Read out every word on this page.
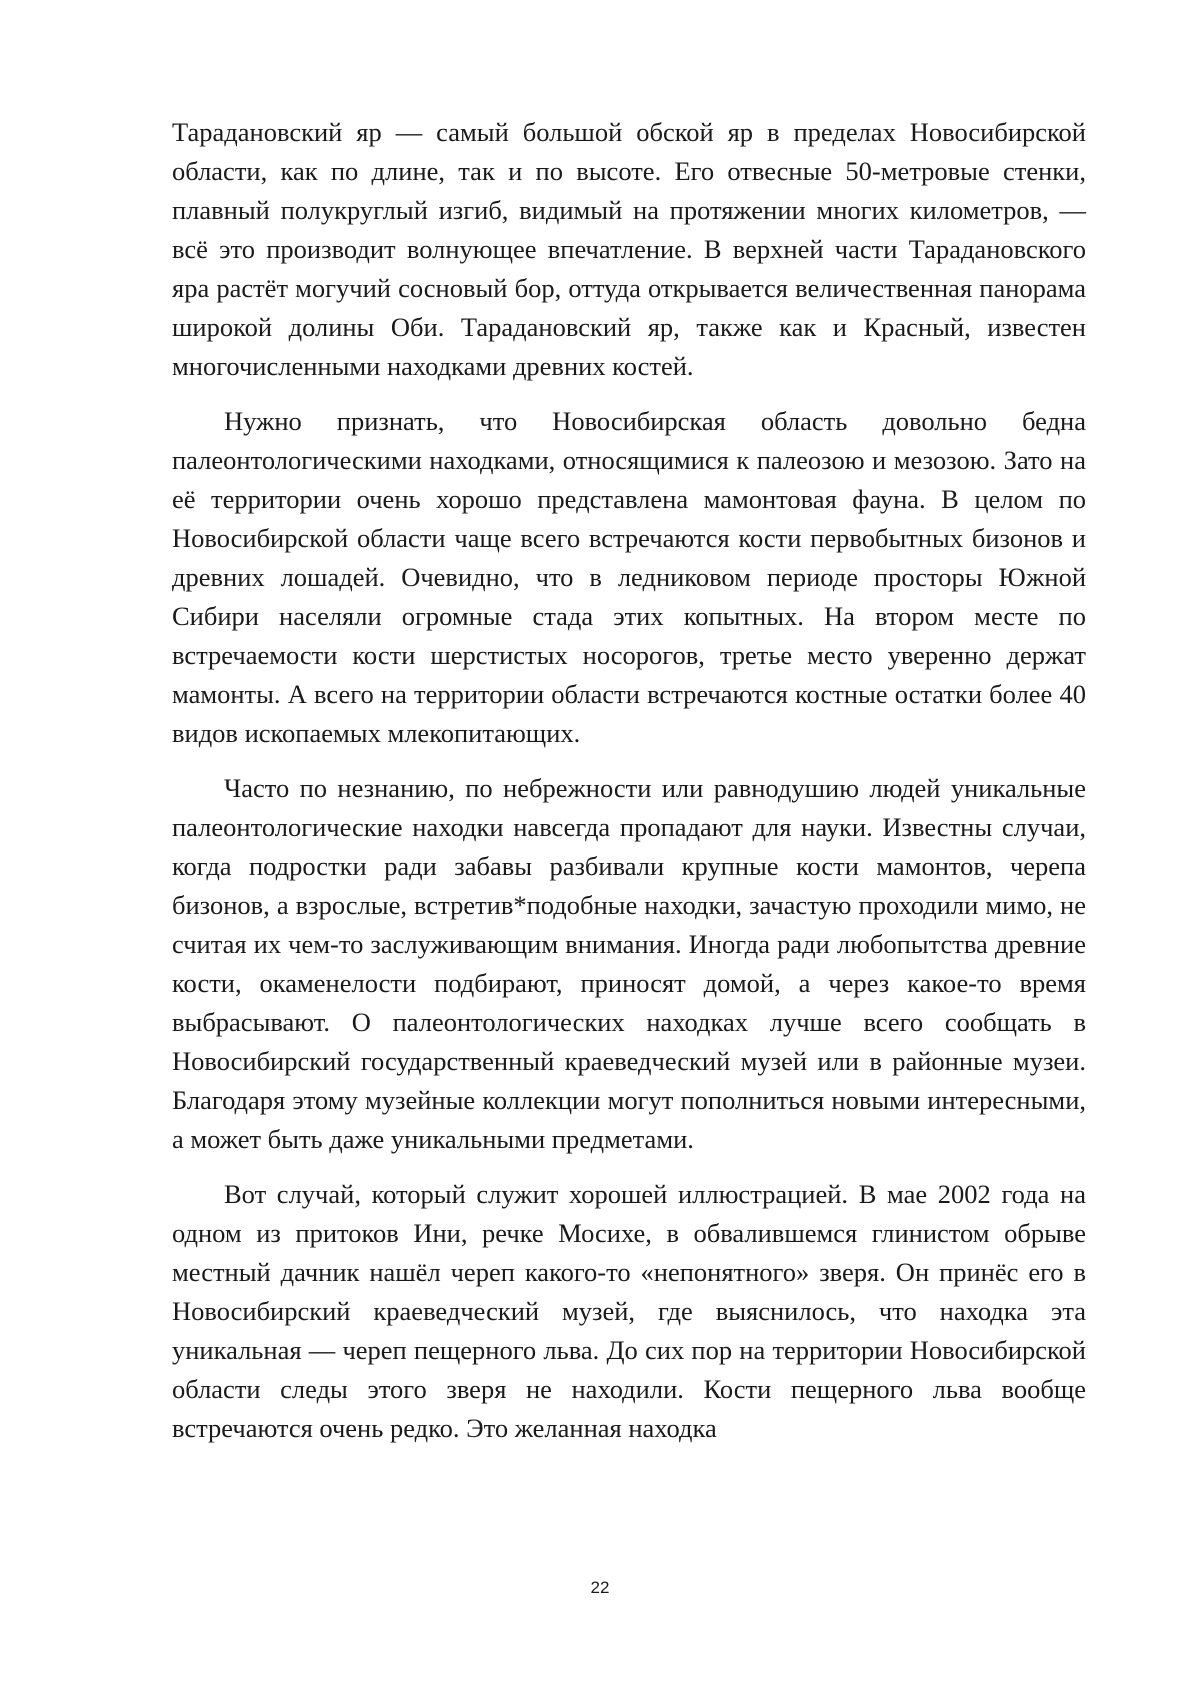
Тарадановский яр — самый большой обской яр в пределах Новосибирской области, как по длине, так и по высоте. Его отвесные 50-метровые стенки, плавный полукруглый изгиб, видимый на протяжении многих километров, — всё это производит волнующее впечатление. В верхней части Тарадановского яра растёт могучий сосновый бор, оттуда открывается величественная панорама широкой долины Оби. Тарадановский яр, также как и Красный, известен многочисленными находками древних костей.

Нужно признать, что Новосибирская область довольно бедна палеонтологическими находками, относящимися к палеозою и мезозою. Зато на её территории очень хорошо представлена мамонтовая фауна. В целом по Новосибирской области чаще всего встречаются кости первобытных бизонов и древних лошадей. Очевидно, что в ледниковом периоде просторы Южной Сибири населяли огромные стада этих копытных. На втором месте по встречаемости кости шерстистых носорогов, третье место уверенно держат мамонты. А всего на территории области встречаются костные остатки более 40 видов ископаемых млекопитающих.

Часто по незнанию, по небрежности или равнодушию людей уникальные палеонтологические находки навсегда пропадают для науки. Известны случаи, когда подростки ради забавы разбивали крупные кости мамонтов, черепа бизонов, а взрослые, встретив*подобные находки, зачастую проходили мимо, не считая их чем-то заслуживающим внимания. Иногда ради любопытства древние кости, окаменелости подбирают, приносят домой, а через какое-то время выбрасывают. О палеонтологических находках лучше всего сообщать в Новосибирский государственный краеведческий музей или в районные музеи. Благодаря этому музейные коллекции могут пополниться новыми интересными, а может быть даже уникальными предметами.

Вот случай, который служит хорошей иллюстрацией. В мае 2002 года на одном из притоков Ини, речке Мосихе, в обвалившемся глинистом обрыве местный дачник нашёл череп какого-то «непонятного» зверя. Он принёс его в Новосибирский краеведческий музей, где выяснилось, что находка эта уникальная — череп пещерного льва. До сих пор на территории Новосибирской области следы этого зверя не находили. Кости пещерного льва вообще встречаются очень редко. Это желанная находка

22
